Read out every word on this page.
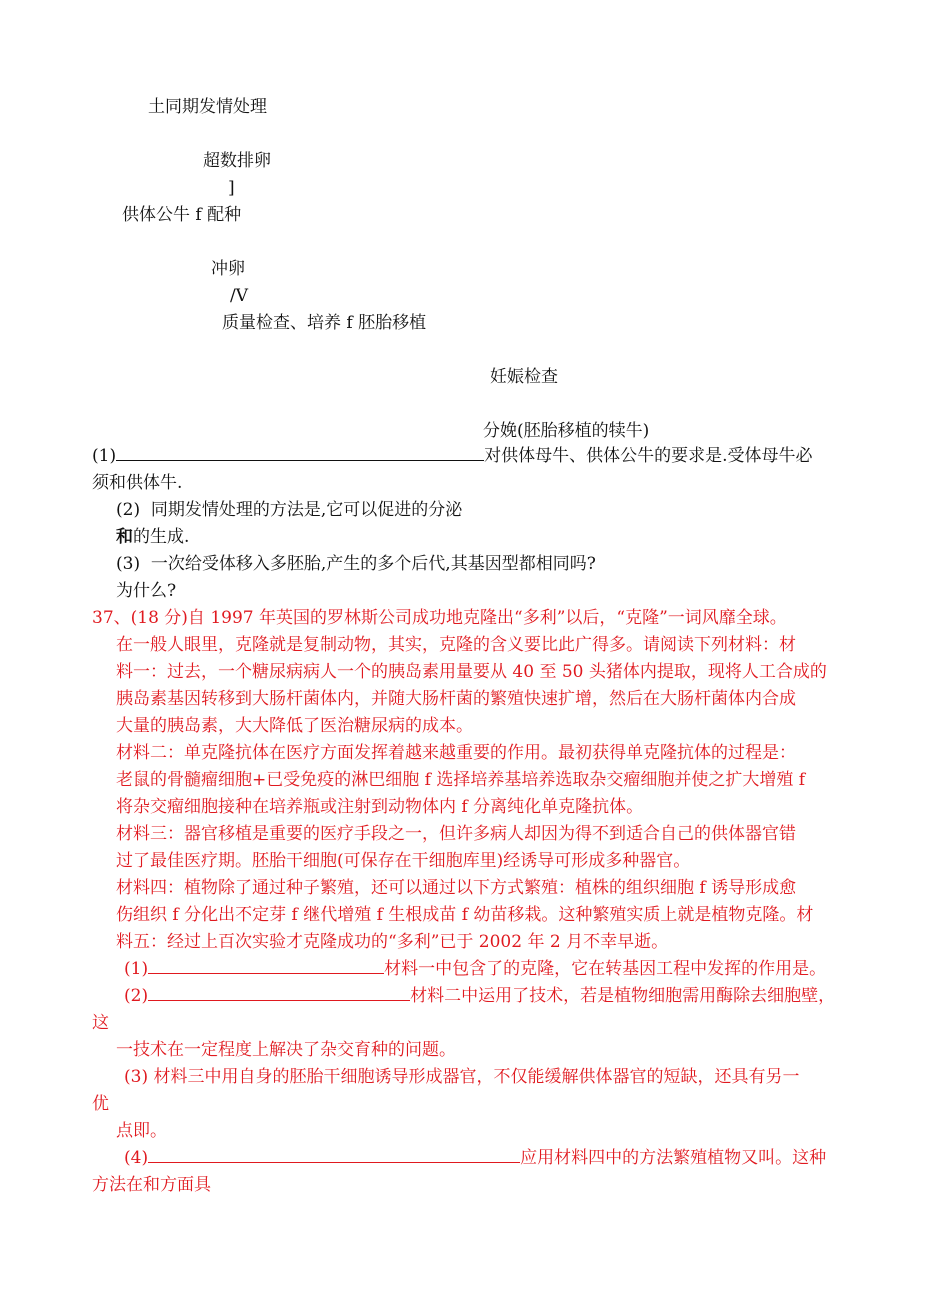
土同期发情处理
超数排卵
]
供体公牛 f 配种
冲卵
/V
质量检查、培养 f 胚胎移植
妊娠检查
分娩(胚胎移植的犊牛)
(1)	对供体母牛、供体公牛的要求是.受体母牛必
须和供体牛.
(2) 同期发情处理的方法是,它可以促进的分泌
和的生成.
(3) 一次给受体移入多胚胎,产生的多个后代,其基因型都相同吗?
为什么?
37、(18 分)自 1997 年英国的罗林斯公司成功地克隆出“多利”以后，“克隆”一词风靡全球。
在一般人眼里，克隆就是复制动物，其实，克隆的含义要比此广得多。请阅读下列材料：材
料一：过去，一个糖尿病病人一个的胰岛素用量要从 40 至 50 头猪体内提取，现将人工合成的
胰岛素基因转移到大肠杆菌体内，并随大肠杆菌的繁殖快速扩增，然后在大肠杆菌体内合成
大量的胰岛素，大大降低了医治糖尿病的成本。
材料二：单克隆抗体在医疗方面发挥着越来越重要的作用。最初获得单克隆抗体的过程是：
老鼠的骨髓瘤细胞+已受免疫的淋巴细胞 f 选择培养基培养选取杂交瘤细胞并使之扩大增殖 f
将杂交瘤细胞接种在培养瓶或注射到动物体内 f 分离纯化单克隆抗体。
材料三：器官移植是重要的医疗手段之一，但许多病人却因为得不到适合自己的供体器官错
过了最佳医疗期。胚胎干细胞(可保存在干细胞库里)经诱导可形成多种器官。
材料四：植物除了通过种子繁殖，还可以通过以下方式繁殖：植株的组织细胞 f 诱导形成愈
伤组织 f 分化出不定芽 f 继代增殖 f 生根成苗 f 幼苗移栽。这种繁殖实质上就是植物克隆。材
料五：经过上百次实验才克隆成功的“多利”已于 2002 年 2 月不幸早逝。
(1)	材料一中包含了的克隆，它在转基因工程中发挥的作用是。
(2)	材料二中运用了技术，若是植物细胞需用酶除去细胞壁，
这
一技术在一定程度上解决了杂交育种的问题。
(3) 材料三中用自身的胚胎干细胞诱导形成器官，不仅能缓解供体器官的短缺，还具有另一
优
点即。
(4)	应用材料四中的方法繁殖植物又叫。这种
方法在和方面具
